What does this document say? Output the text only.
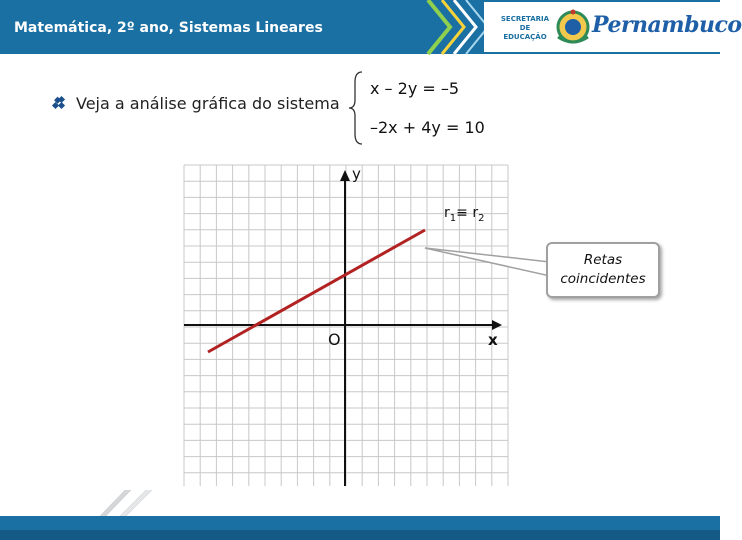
Matemática, 2º ano, Sistemas Lineares
SECRETARIA
DE EDUCAÇÃO Pernambuco
Veja a análise gráfica do sistema
x – 2y = –5
–2x + 4y = 10
y
x
O
$r_1\equiv r_2$
Retas
coincidentes
